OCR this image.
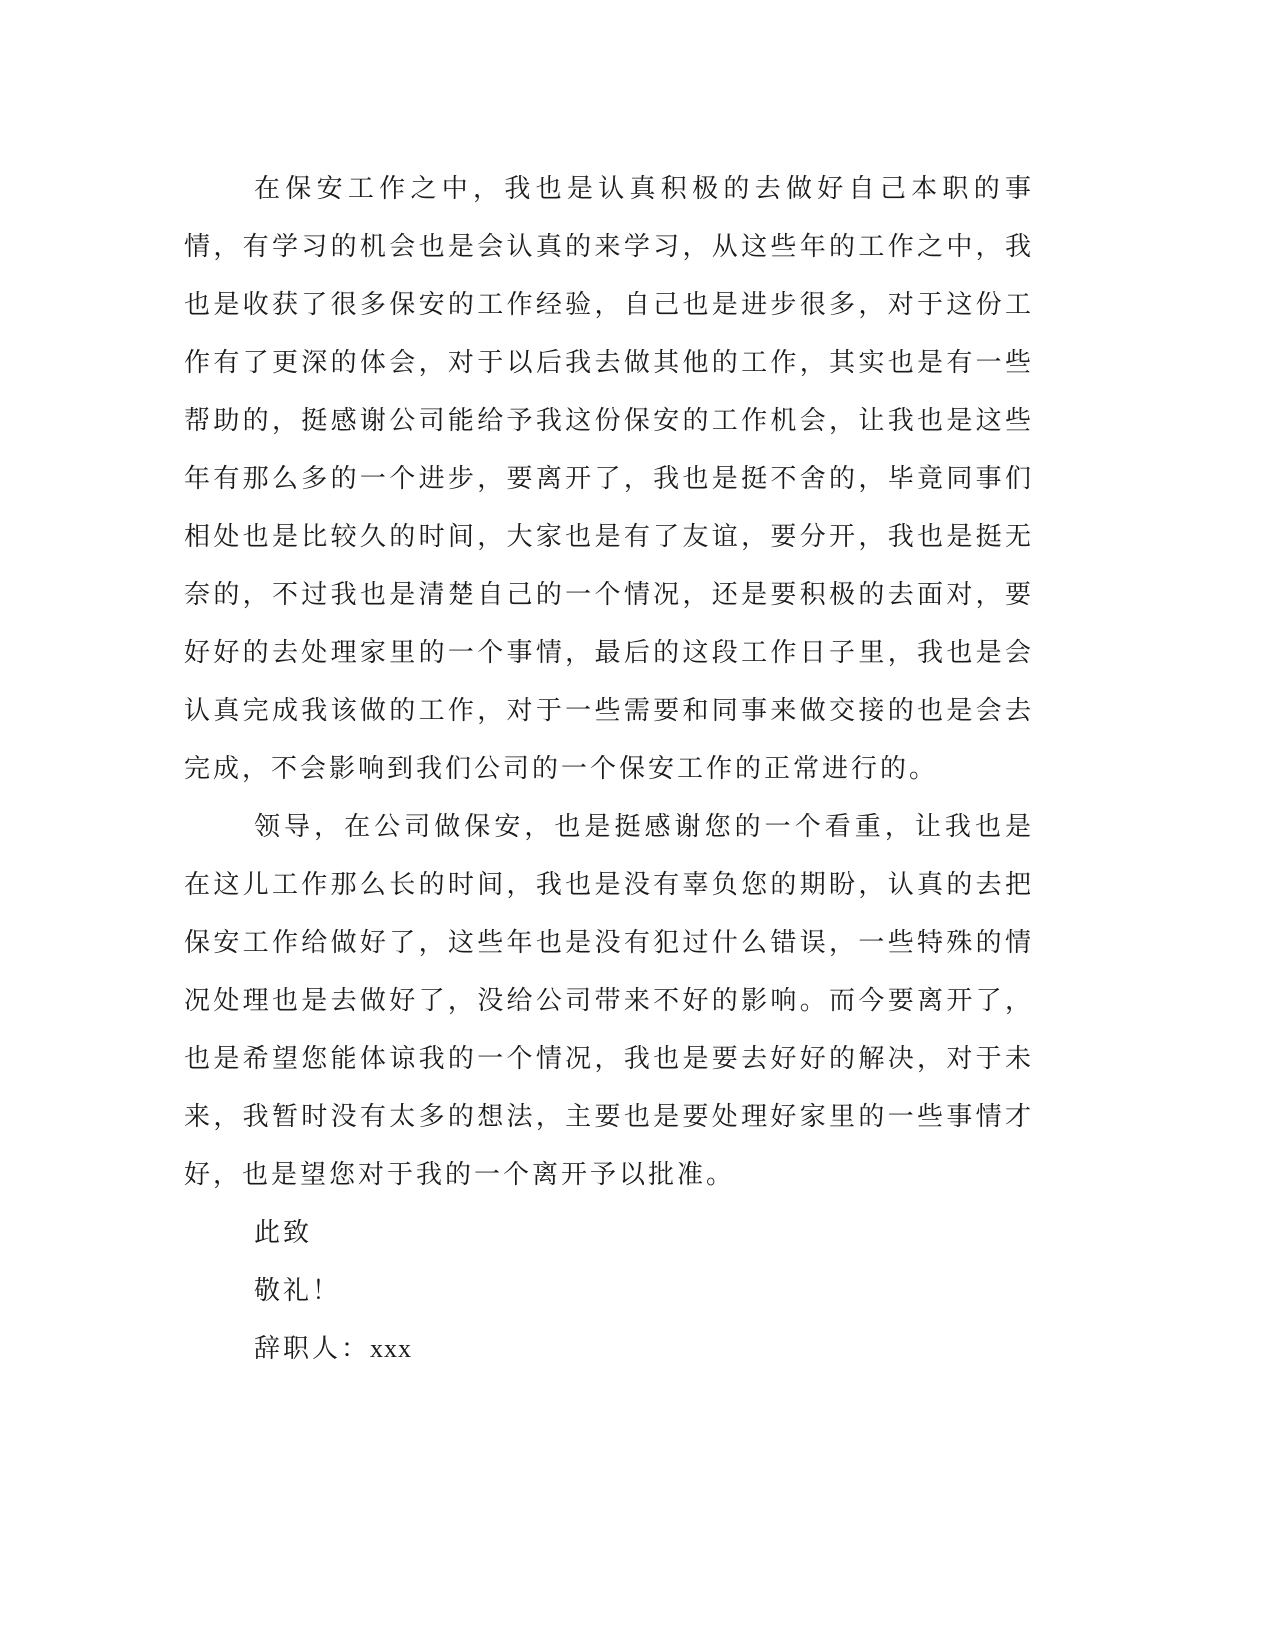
在保安工作之中，我也是认真积极的去做好自己本职的事情，有学习的机会也是会认真的来学习，从这些年的工作之中，我也是收获了很多保安的工作经验，自己也是进步很多，对于这份工作有了更深的体会，对于以后我去做其他的工作，其实也是有一些帮助的，挺感谢公司能给予我这份保安的工作机会，让我也是这些年有那么多的一个进步，要离开了，我也是挺不舍的，毕竟同事们相处也是比较久的时间，大家也是有了友谊，要分开，我也是挺无奈的，不过我也是清楚自己的一个情况，还是要积极的去面对，要好好的去处理家里的一个事情，最后的这段工作日子里，我也是会认真完成我该做的工作，对于一些需要和同事来做交接的也是会去完成，不会影响到我们公司的一个保安工作的正常进行的。

领导，在公司做保安，也是挺感谢您的一个看重，让我也是在这儿工作那么长的时间，我也是没有辜负您的期盼，认真的去把保安工作给做好了，这些年也是没有犯过什么错误，一些特殊的情况处理也是去做好了，没给公司带来不好的影响。而今要离开了，也是希望您能体谅我的一个情况，我也是要去好好的解决，对于未来，我暂时没有太多的想法，主要也是要处理好家里的一些事情才好，也是望您对于我的一个离开予以批准。

此致

敬礼！

辞职人：xxx
